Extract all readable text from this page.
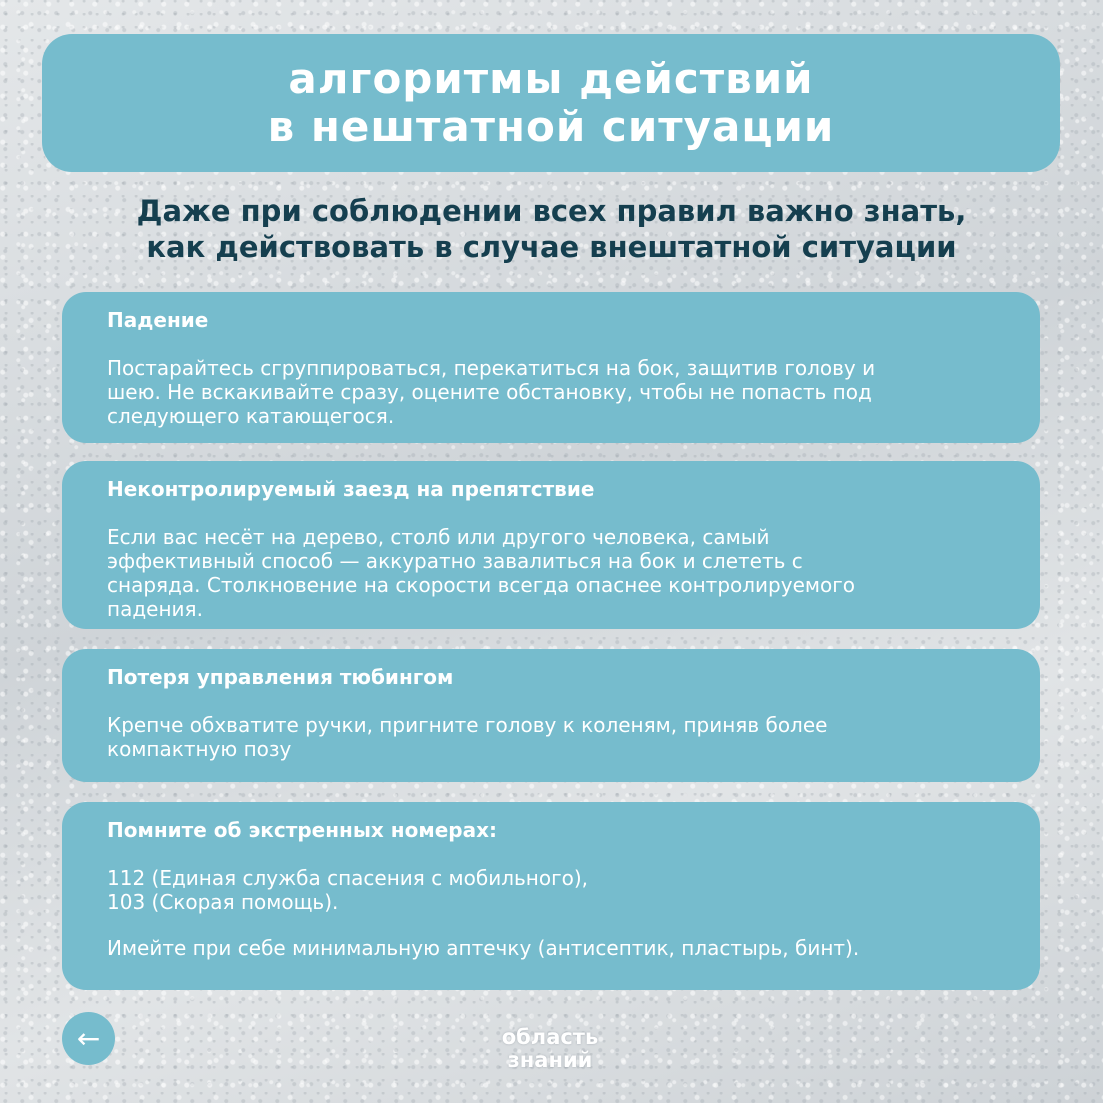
алгоритмы действий
в нештатной ситуации
Даже при соблюдении всех правил важно знать,
как действовать в случае внештатной ситуации

Падение

Постарайтесь сгруппироваться, перекатиться на бок, защитив голову и

шею. Не вскакивайте сразу, оцените обстановку, чтобы не попасть под

следующего катающегося.

Неконтролируемый заезд на препятствие

Если вас несёт на дерево, столб или другого человека, самый

эффективный способ — аккуратно завалиться на бок и слететь с

снаряда. Столкновение на скорости всегда опаснее контролируемого

падения.

Потеря управления тюбингом

Крепче обхватите ручки, пригните голову к коленям, приняв более

компактную позу

Помните об экстренных номерах:

112 (Единая служба спасения с мобильного),

103 (Скорая помощь).

Имейте при себе минимальную аптечку (антисептик, пластырь, бинт).

←	область
знаний
